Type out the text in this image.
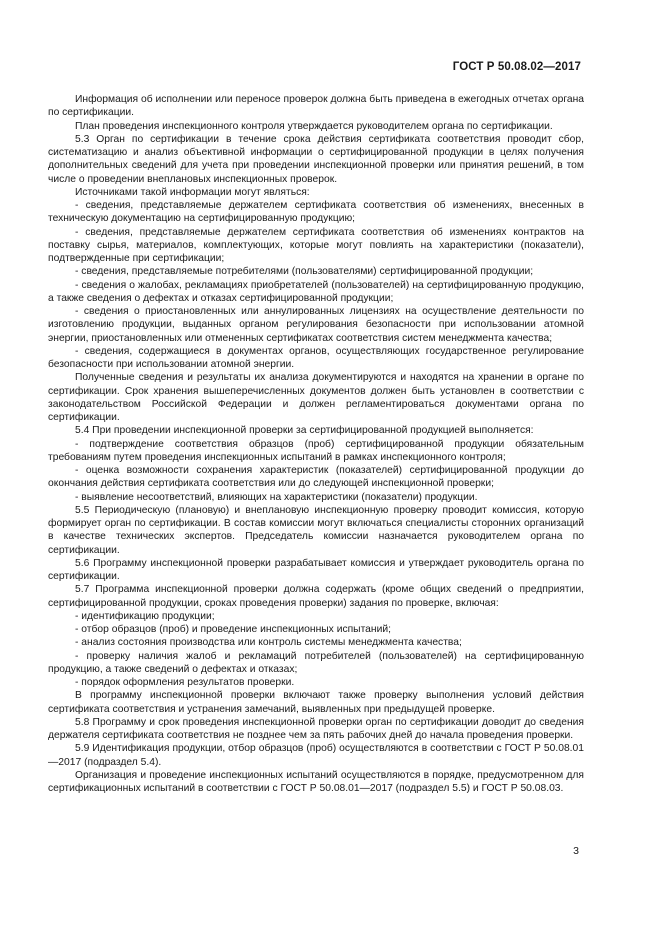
ГОСТ Р 50.08.02—2017

Информация об исполнении или переносе проверок должна быть приведена в ежегодных отчетах органа по сертификации.

План проведения инспекционного контроля утверждается руководителем органа по сертификации.

5.3 Орган по сертификации в течение срока действия сертификата соответствия проводит сбор, систематизацию и анализ объективной информации о сертифицированной продукции в целях получения дополнительных сведений для учета при проведении инспекционной проверки или принятия решений, в том числе о проведении внеплановых инспекционных проверок.

Источниками такой информации могут являться:

- сведения, представляемые держателем сертификата соответствия об изменениях, внесенных в техническую документацию на сертифицированную продукцию;

- сведения, представляемые держателем сертификата соответствия об изменениях контрактов на поставку сырья, материалов, комплектующих, которые могут повлиять на характеристики (показатели), подтвержденные при сертификации;

- сведения, представляемые потребителями (пользователями) сертифицированной продукции;

- сведения о жалобах, рекламациях приобретателей (пользователей) на сертифицированную продукцию, а также сведения о дефектах и отказах сертифицированной продукции;

- сведения о приостановленных или аннулированных лицензиях на осуществление деятельности по изготовлению продукции, выданных органом регулирования безопасности при использовании атомной энергии, приостановленных или отмененных сертификатах соответствия систем менеджмента качества;

- сведения, содержащиеся в документах органов, осуществляющих государственное регулирование безопасности при использовании атомной энергии.

Полученные сведения и результаты их анализа документируются и находятся на хранении в органе по сертификации. Срок хранения вышеперечисленных документов должен быть установлен в соответствии с законодательством Российской Федерации и должен регламентироваться документами органа по сертификации.

5.4 При проведении инспекционной проверки за сертифицированной продукцией выполняется:

- подтверждение соответствия образцов (проб) сертифицированной продукции обязательным требованиям путем проведения инспекционных испытаний в рамках инспекционного контроля;

- оценка возможности сохранения характеристик (показателей) сертифицированной продукции до окончания действия сертификата соответствия или до следующей инспекционной проверки;

- выявление несоответствий, влияющих на характеристики (показатели) продукции.

5.5 Периодическую (плановую) и внеплановую инспекционную проверку проводит комиссия, которую формирует орган по сертификации. В состав комиссии могут включаться специалисты сторонних организаций в качестве технических экспертов. Председатель комиссии назначается руководителем органа по сертификации.

5.6 Программу инспекционной проверки разрабатывает комиссия и утверждает руководитель органа по сертификации.

5.7 Программа инспекционной проверки должна содержать (кроме общих сведений о предприятии, сертифицированной продукции, сроках проведения проверки) задания по проверке, включая:

- идентификацию продукции;

- отбор образцов (проб) и проведение инспекционных испытаний;

- анализ состояния производства или контроль системы менеджмента качества;

- проверку наличия жалоб и рекламаций потребителей (пользователей) на сертифицированную продукцию, а также сведений о дефектах и отказах;

- порядок оформления результатов проверки.

В программу инспекционной проверки включают также проверку выполнения условий действия сертификата соответствия и устранения замечаний, выявленных при предыдущей проверке.

5.8 Программу и срок проведения инспекционной проверки орган по сертификации доводит до сведения держателя сертификата соответствия не позднее чем за пять рабочих дней до начала проведения проверки.

5.9 Идентификация продукции, отбор образцов (проб) осуществляются в соответствии с ГОСТ Р 50.08.01—2017 (подраздел 5.4).

Организация и проведение инспекционных испытаний осуществляются в порядке, предусмотренном для сертификационных испытаний в соответствии с ГОСТ Р 50.08.01—2017 (подраздел 5.5) и ГОСТ Р 50.08.03.

3
